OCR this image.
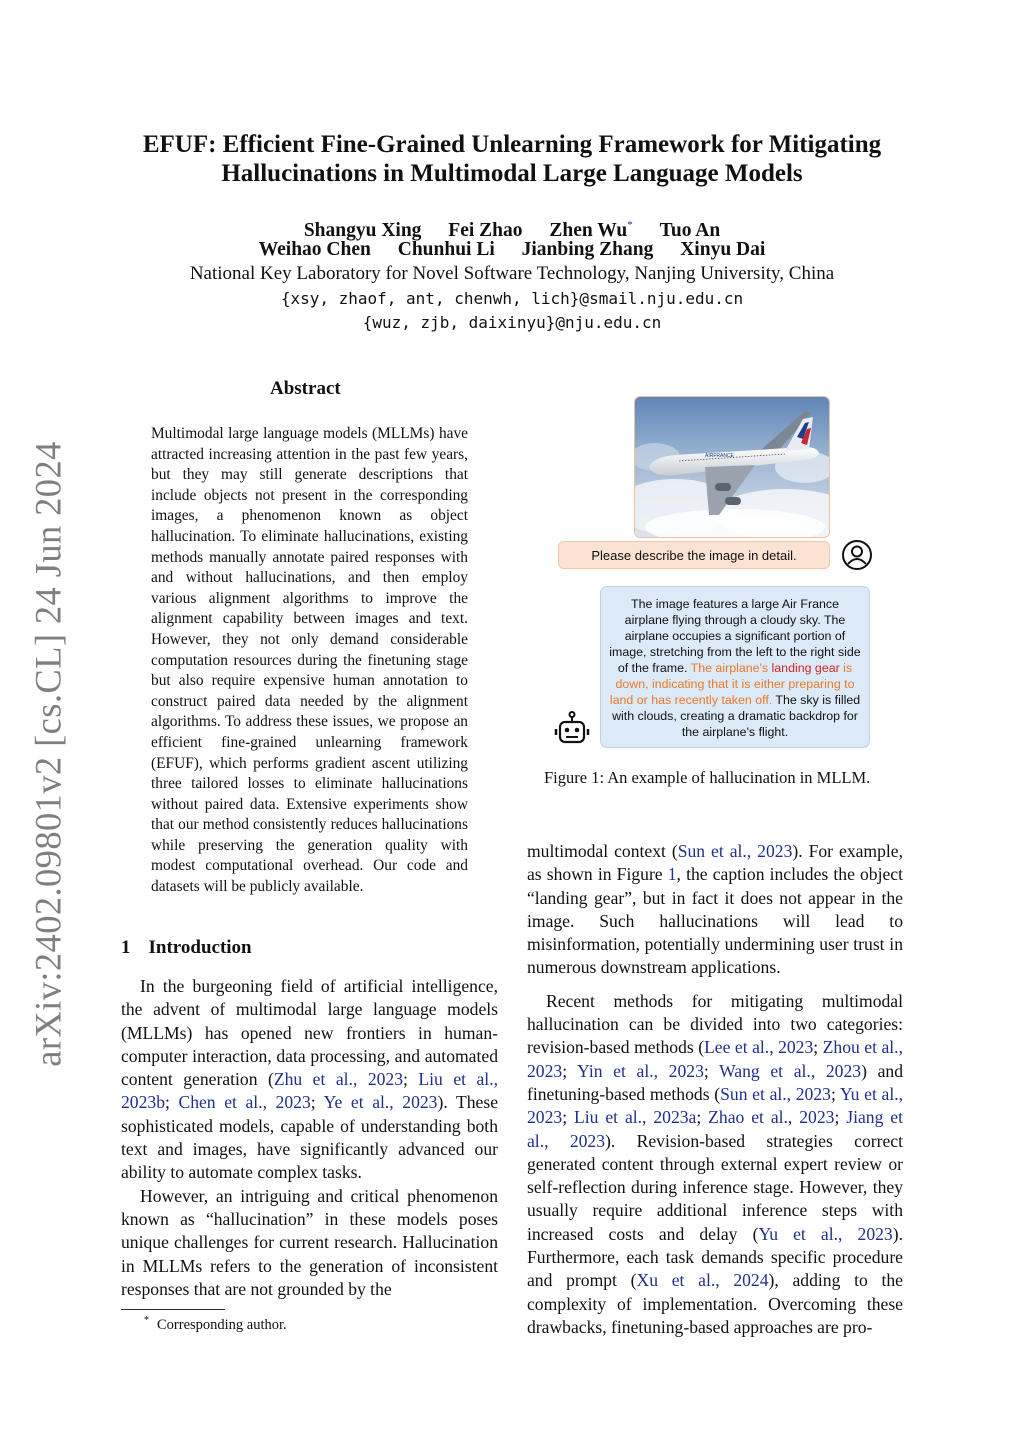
arXiv:2402.09801v2 [cs.CL] 24 Jun 2024
EFUF: Efficient Fine-Grained Unlearning Framework for Mitigating
Hallucinations in Multimodal Large Language Models
Shangyu Xing Fei Zhao Zhen Wu* Tuo An
Weihao Chen Chunhui Li Jianbing Zhang Xinyu Dai
National Key Laboratory for Novel Software Technology, Nanjing University, China
{xsy, zhaof, ant, chenwh, lich}@smail.nju.edu.cn
{wuz, zjb, daixinyu}@nju.edu.cn
Abstract

Multimodal large language models (MLLMs) have attracted increasing attention in the past few years, but they may still generate descriptions that include objects not present in the corresponding images, a phenomenon known as object hallucination. To eliminate hallucinations, existing methods manually annotate paired responses with and without hallucinations, and then employ various alignment algorithms to improve the alignment capability between images and text. However, they not only demand considerable computation resources during the finetuning stage but also require expensive human annotation to construct paired data needed by the alignment algorithms. To address these issues, we propose an efficient fine-grained unlearning framework (EFUF), which performs gradient ascent utilizing three tailored losses to eliminate hallucinations without paired data. Extensive experiments show that our method consistently reduces hallucinations while preserving the generation quality with modest computational overhead. Our code and datasets will be publicly available.

1 Introduction

In the burgeoning field of artificial intelligence, the advent of multimodal large language models (MLLMs) has opened new frontiers in human-computer interaction, data processing, and automated content generation (Zhu et al., 2023; Liu et al., 2023b; Chen et al., 2023; Ye et al., 2023). These sophisticated models, capable of understanding both text and images, have significantly advanced our ability to automate complex tasks.

However, an intriguing and critical phenomenon known as “hallucination” in these models poses unique challenges for current research. Hallucination in MLLMs refers to the generation of inconsistent responses that are not grounded by the

* Corresponding author.
AIRFRANCE
Please describe the image in detail.
The image features a large Air France airplane flying through a cloudy sky. The airplane occupies a significant portion of image, stretching from the left to the right side of the frame. The airplane's landing gear is down, indicating that it is either preparing to land or has recently taken off. The sky is filled with clouds, creating a dramatic backdrop for the airplane's flight.
Figure 1: An example of hallucination in MLLM.

multimodal context (Sun et al., 2023). For example, as shown in Figure 1, the caption includes the object “landing gear”, but in fact it does not appear in the image. Such hallucinations will lead to misinformation, potentially undermining user trust in numerous downstream applications.

Recent methods for mitigating multimodal hallucination can be divided into two categories: revision-based methods (Lee et al., 2023; Zhou et al., 2023; Yin et al., 2023; Wang et al., 2023) and finetuning-based methods (Sun et al., 2023; Yu et al., 2023; Liu et al., 2023a; Zhao et al., 2023; Jiang et al., 2023). Revision-based strategies correct generated content through external expert review or self-reflection during inference stage. However, they usually require additional inference steps with increased costs and delay (Yu et al., 2023). Furthermore, each task demands specific procedure and prompt (Xu et al., 2024), adding to the complexity of implementation. Overcoming these drawbacks, finetuning-based approaches are pro-
